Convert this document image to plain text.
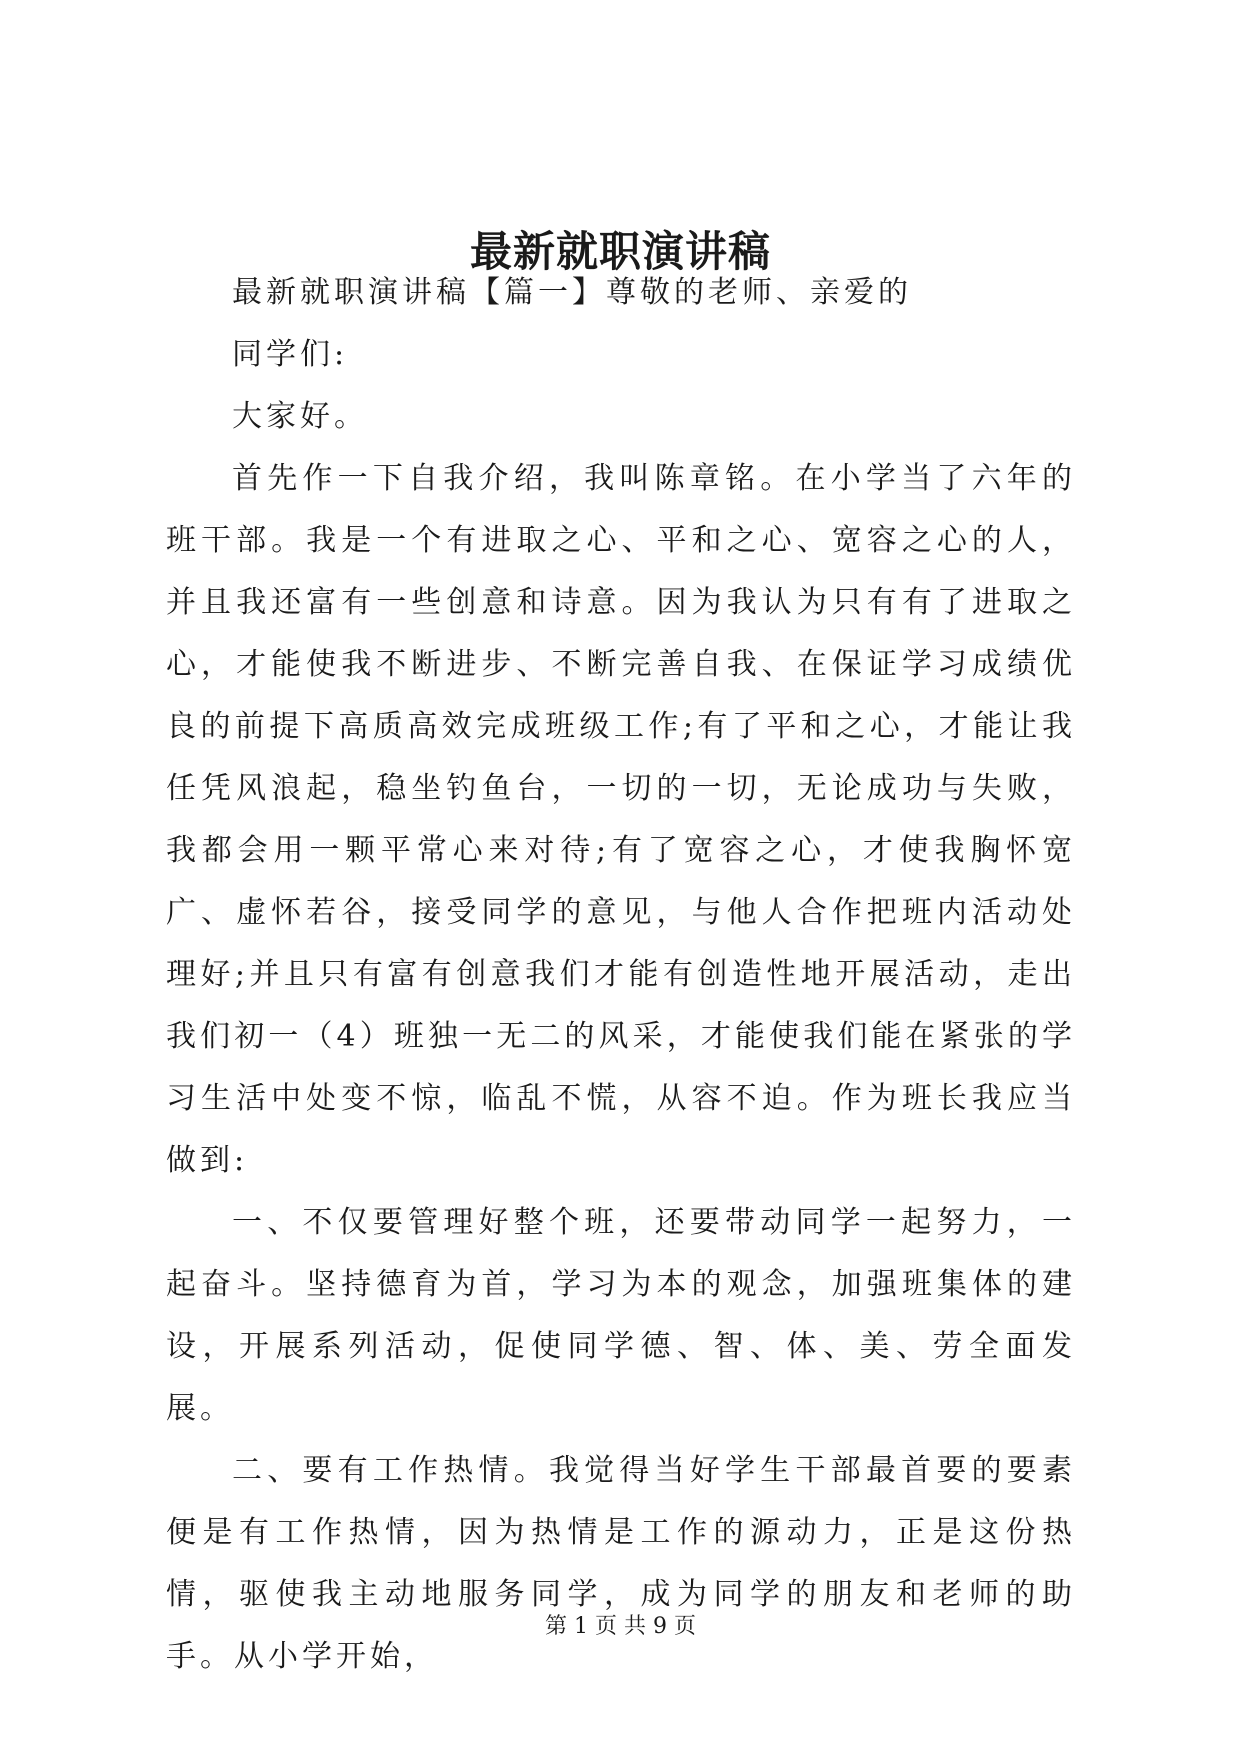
最新就职演讲稿

最新就职演讲稿【篇一】尊敬的老师、亲爱的

同学们:

大家好。

首先作一下自我介绍，我叫陈章铭。在小学当了六年的班干部。我是一个有进取之心、平和之心、宽容之心的人，并且我还富有一些创意和诗意。因为我认为只有有了进取之心，才能使我不断进步、不断完善自我、在保证学习成绩优良的前提下高质高效完成班级工作;有了平和之心，才能让我任凭风浪起，稳坐钓鱼台，一切的一切，无论成功与失败，我都会用一颗平常心来对待;有了宽容之心，才使我胸怀宽广、虚怀若谷，接受同学的意见，与他人合作把班内活动处理好;并且只有富有创意我们才能有创造性地开展活动，走出我们初一（4）班独一无二的风采，才能使我们能在紧张的学习生活中处变不惊，临乱不慌，从容不迫。作为班长我应当做到:

一、不仅要管理好整个班，还要带动同学一起努力，一起奋斗。坚持德育为首，学习为本的观念，加强班集体的建设，开展系列活动，促使同学德、智、体、美、劳全面发展。

二、要有工作热情。我觉得当好学生干部最首要的要素便是有工作热情，因为热情是工作的源动力，正是这份热情，驱使我主动地服务同学，成为同学的朋友和老师的助手。从小学开始，

第 1 页 共 9 页
